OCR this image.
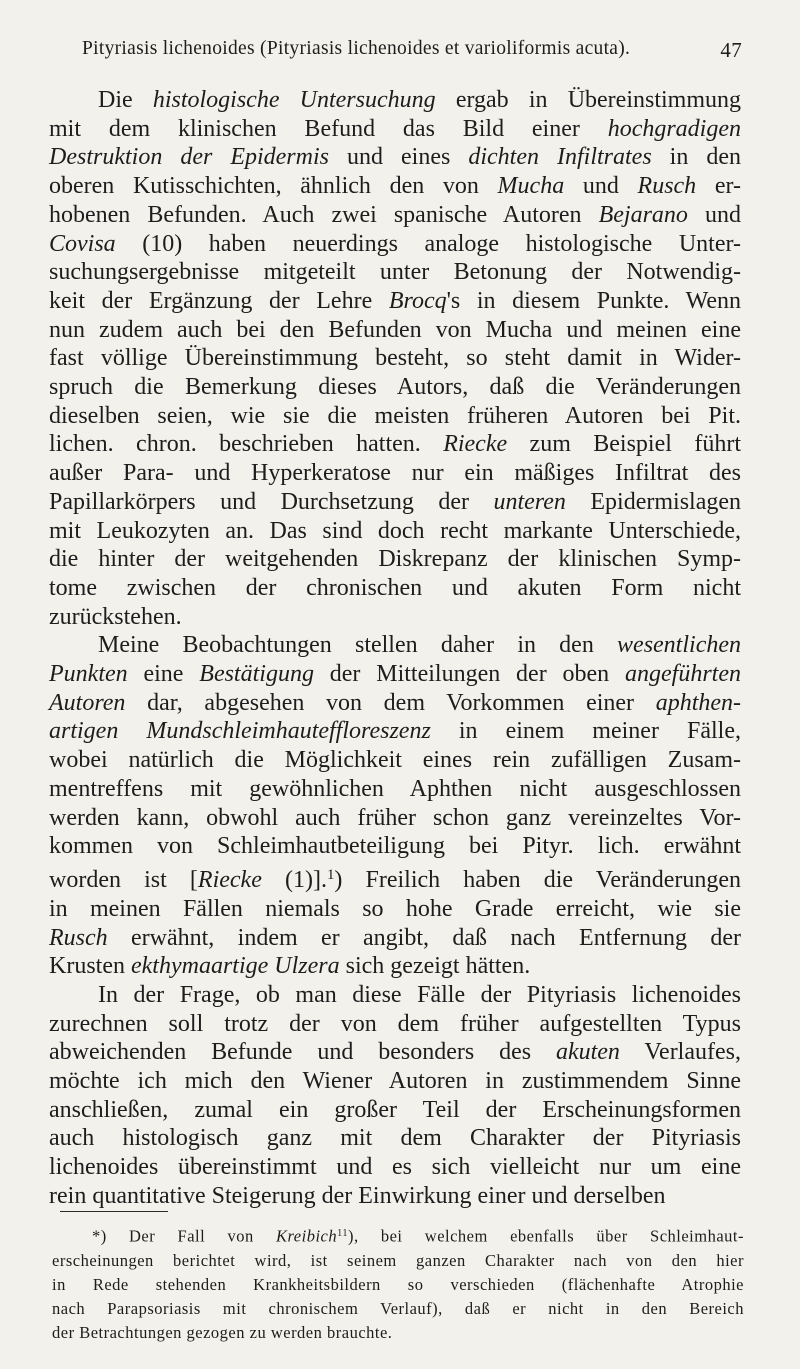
Pityriasis lichenoides (Pityriasis lichenoides et varioliformis acuta).	47
Die histologische Untersuchung ergab in Übereinstimmung
mit dem klinischen Befund das Bild einer hochgradigen
Destruktion der Epidermis und eines dichten Infiltrates in den
oberen Kutisschichten, ähnlich den von Mucha und Rusch er-
hobenen Befunden. Auch zwei spanische Autoren Bejarano und
Covisa (10) haben neuerdings analoge histologische Unter-
suchungsergebnisse mitgeteilt unter Betonung der Notwendig-
keit der Ergänzung der Lehre Brocq's in diesem Punkte. Wenn
nun zudem auch bei den Befunden von Mucha und meinen eine
fast völlige Übereinstimmung besteht, so steht damit in Wider-
spruch die Bemerkung dieses Autors, daß die Veränderungen
dieselben seien, wie sie die meisten früheren Autoren bei Pit.
lichen. chron. beschrieben hatten. Riecke zum Beispiel führt
außer Para- und Hyperkeratose nur ein mäßiges Infiltrat des
Papillarkörpers und Durchsetzung der unteren Epidermislagen
mit Leukozyten an. Das sind doch recht markante Unterschiede,
die hinter der weitgehenden Diskrepanz der klinischen Symp-
tome zwischen der chronischen und akuten Form nicht
zurückstehen.
Meine Beobachtungen stellen daher in den wesentlichen
Punkten eine Bestätigung der Mitteilungen der oben angeführten
Autoren dar, abgesehen von dem Vorkommen einer aphthen-
artigen Mundschleimhauteffloreszenz in einem meiner Fälle,
wobei natürlich die Möglichkeit eines rein zufälligen Zusam-
mentreffens mit gewöhnlichen Aphthen nicht ausgeschlossen
werden kann, obwohl auch früher schon ganz vereinzeltes Vor-
kommen von Schleimhautbeteiligung bei Pityr. lich. erwähnt
worden ist [Riecke (1)].$^1$) Freilich haben die Veränderungen
in meinen Fällen niemals so hohe Grade erreicht, wie sie
Rusch erwähnt, indem er angibt, daß nach Entfernung der
Krusten ekthymaartige Ulzera sich gezeigt hätten.
In der Frage, ob man diese Fälle der Pityriasis lichenoides
zurechnen soll trotz der von dem früher aufgestellten Typus
abweichenden Befunde und besonders des akuten Verlaufes,
möchte ich mich den Wiener Autoren in zustimmendem Sinne
anschließen, zumal ein großer Teil der Erscheinungsformen
auch histologisch ganz mit dem Charakter der Pityriasis
lichenoides übereinstimmt und es sich vielleicht nur um eine
rein quantitative Steigerung der Einwirkung einer und derselben
*) Der Fall von Kreibich$^{11}$), bei welchem ebenfalls über Schleimhaut-
erscheinungen berichtet wird, ist seinem ganzen Charakter nach von den hier
in Rede stehenden Krankheitsbildern so verschieden (flächenhafte Atrophie
nach Parapsoriasis mit chronischem Verlauf), daß er nicht in den Bereich
der Betrachtungen gezogen zu werden brauchte.
